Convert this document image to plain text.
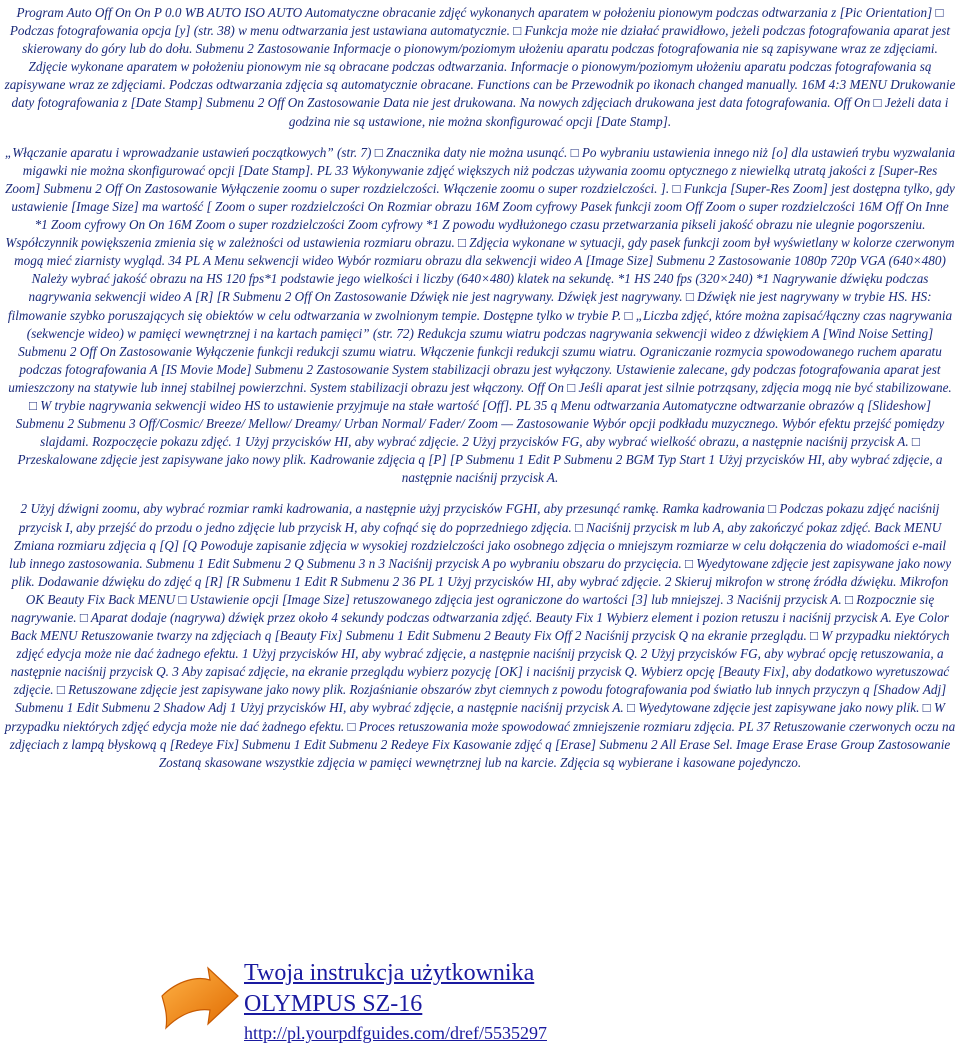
Program Auto Off On On P 0.0 WB AUTO ISO AUTO Automatyczne obracanie zdjęć wykonanych aparatem w położeniu pionowym podczas odtwarzania z [Pic Orientation] □ Podczas fotografowania opcja [y] (str. 38) w menu odtwarzania jest ustawiana automatycznie. □ Funkcja może nie działać prawidłowo, jeżeli podczas fotografowania aparat jest skierowany do góry lub do dołu. Submenu 2 Zastosowanie Informacje o pionowym/poziomym ułożeniu aparatu podczas fotografowania nie są zapisywane wraz ze zdjęciami. Zdjęcie wykonane aparatem w położeniu pionowym nie są obracane podczas odtwarzania. Informacje o pionowym/poziomym ułożeniu aparatu podczas fotografowania są zapisywane wraz ze zdjęciami. Podczas odtwarzania zdjęcia są automatycznie obracane. Functions can be Przewodnik po ikonach changed manually. 16M 4:3 MENU Drukowanie daty fotografowania z [Date Stamp] Submenu 2 Off On Zastosowanie Data nie jest drukowana. Na nowych zdjęciach drukowana jest data fotografowania. Off On □ Jeżeli data i godzina nie są ustawione, nie można skonfigurować opcji [Date Stamp].

„Włączanie aparatu i wprowadzanie ustawień początkowych” (str. 7) □ Znacznika daty nie można usunąć. □ Po wybraniu ustawienia innego niż [o] dla ustawień trybu wyzwalania migawki nie można skonfigurować opcji [Date Stamp]. PL 33 Wykonywanie zdjęć większych niż podczas używania zoomu optycznego z niewielką utratą jakości z [Super-Res Zoom] Submenu 2 Off On Zastosowanie Wyłączenie zoomu o super rozdzielczości. Włączenie zoomu o super rozdzielczości. ]. □ Funkcja [Super-Res Zoom] jest dostępna tylko, gdy ustawienie [Image Size] ma wartość [ Zoom o super rozdzielczości On Rozmiar obrazu 16M Zoom cyfrowy Pasek funkcji zoom Off Zoom o super rozdzielczości 16M Off On Inne *1 Zoom cyfrowy On On 16M Zoom o super rozdzielczości Zoom cyfrowy *1 Z powodu wydłużonego czasu przetwarzania pikseli jakość obrazu nie ulegnie pogorszeniu. Współczynnik powiększenia zmienia się w zależności od ustawienia rozmiaru obrazu. □ Zdjęcia wykonane w sytuacji, gdy pasek funkcji zoom był wyświetlany w kolorze czerwonym mogą mieć ziarnisty wygląd. 34 PL A Menu sekwencji wideo Wybór rozmiaru obrazu dla sekwencji wideo A [Image Size] Submenu 2 Zastosowanie 1080p 720p VGA (640×480) Należy wybrać jakość obrazu na HS 120 fps*1 podstawie jego wielkości i liczby (640×480) klatek na sekundę. *1 HS 240 fps (320×240) *1 Nagrywanie dźwięku podczas nagrywania sekwencji wideo A [R] [R Submenu 2 Off On Zastosowanie Dźwięk nie jest nagrywany. Dźwięk jest nagrywany. □ Dźwięk nie jest nagrywany w trybie HS. HS: filmowanie szybko poruszających się obiektów w celu odtwarzania w zwolnionym tempie. Dostępne tylko w trybie P. □ „Liczba zdjęć, które można zapisać/łączny czas nagrywania (sekwencje wideo) w pamięci wewnętrznej i na kartach pamięci” (str. 72) Redukcja szumu wiatru podczas nagrywania sekwencji wideo z dźwiękiem A [Wind Noise Setting] Submenu 2 Off On Zastosowanie Wyłączenie funkcji redukcji szumu wiatru. Włączenie funkcji redukcji szumu wiatru. Ograniczanie rozmycia spowodowanego ruchem aparatu podczas fotografowania A [IS Movie Mode] Submenu 2 Zastosowanie System stabilizacji obrazu jest wyłączony. Ustawienie zalecane, gdy podczas fotografowania aparat jest umieszczony na statywie lub innej stabilnej powierzchni. System stabilizacji obrazu jest włączony. Off On □ Jeśli aparat jest silnie potrząsany, zdjęcia mogą nie być stabilizowane. □ W trybie nagrywania sekwencji wideo HS to ustawienie przyjmuje na stałe wartość [Off]. PL 35 q Menu odtwarzania Automatyczne odtwarzanie obrazów q [Slideshow] Submenu 2 Submenu 3 Off/Cosmic/ Breeze/ Mellow/ Dreamy/ Urban Normal/ Fader/ Zoom — Zastosowanie Wybór opcji podkładu muzycznego. Wybór efektu przejść pomiędzy slajdami. Rozpoczęcie pokazu zdjęć. 1 Użyj przycisków HI, aby wybrać zdjęcie. 2 Użyj przycisków FG, aby wybrać wielkość obrazu, a następnie naciśnij przycisk A. □ Przeskalowane zdjęcie jest zapisywane jako nowy plik. Kadrowanie zdjęcia q [P] [P Submenu 1 Edit P Submenu 2 BGM Typ Start 1 Użyj przycisków HI, aby wybrać zdjęcie, a następnie naciśnij przycisk A.

2 Użyj dźwigni zoomu, aby wybrać rozmiar ramki kadrowania, a następnie użyj przycisków FGHI, aby przesunąć ramkę. Ramka kadrowania □ Podczas pokazu zdjęć naciśnij przycisk I, aby przejść do przodu o jedno zdjęcie lub przycisk H, aby cofnąć się do poprzedniego zdjęcia. □ Naciśnij przycisk m lub A, aby zakończyć pokaz zdjęć. Back MENU Zmiana rozmiaru zdjęcia q [Q] [Q Powoduje zapisanie zdjęcia w wysokiej rozdzielczości jako osobnego zdjęcia o mniejszym rozmiarze w celu dołączenia do wiadomości e-mail lub innego zastosowania. Submenu 1 Edit Submenu 2 Q Submenu 3 n 3 Naciśnij przycisk A po wybraniu obszaru do przycięcia. □ Wyedytowane zdjęcie jest zapisywane jako nowy plik. Dodawanie dźwięku do zdjęć q [R] [R Submenu 1 Edit R Submenu 2 36 PL 1 Użyj przycisków HI, aby wybrać zdjęcie. 2 Skieruj mikrofon w stronę źródła dźwięku. Mikrofon OK Beauty Fix Back MENU □ Ustawienie opcji [Image Size] retuszowanego zdjęcia jest ograniczone do wartości [3] lub mniejszej. 3 Naciśnij przycisk A. □ Rozpocznie się nagrywanie. □ Aparat dodaje (nagrywa) dźwięk przez około 4 sekundy podczas odtwarzania zdjęć. Beauty Fix 1 Wybierz element i pozion retuszu i naciśnij przycisk A. Eye Color Back MENU Retuszowanie twarzy na zdjęciach q [Beauty Fix] Submenu 1 Edit Submenu 2 Beauty Fix Off 2 Naciśnij przycisk Q na ekranie przeglądu. □ W przypadku niektórych zdjęć edycja może nie dać żadnego efektu. 1 Użyj przycisków HI, aby wybrać zdjęcie, a następnie naciśnij przycisk Q. 2 Użyj przycisków FG, aby wybrać opcję retuszowania, a następnie naciśnij przycisk Q. 3 Aby zapisać zdjęcie, na ekranie przeglądu wybierz pozycję [OK] i naciśnij przycisk Q. Wybierz opcję [Beauty Fix], aby dodatkowo wyretuszować zdjęcie. □ Retuszowane zdjęcie jest zapisywane jako nowy plik. Rozjaśnianie obszarów zbyt ciemnych z powodu fotografowania pod światło lub innych przyczyn q [Shadow Adj] Submenu 1 Edit Submenu 2 Shadow Adj 1 Użyj przycisków HI, aby wybrać zdjęcie, a następnie naciśnij przycisk A. □ Wyedytowane zdjęcie jest zapisywane jako nowy plik. □ W przypadku niektórych zdjęć edycja może nie dać żadnego efektu. □ Proces retuszowania może spowodować zmniejszenie rozmiaru zdjęcia. PL 37 Retuszowanie czerwonych oczu na zdjęciach z lampą błyskową q [Redeye Fix] Submenu 1 Edit Submenu 2 Redeye Fix Kasowanie zdjęć q [Erase] Submenu 2 All Erase Sel. Image Erase Erase Group Zastosowanie Zostaną skasowane wszystkie zdjęcia w pamięci wewnętrznej lub na karcie. Zdjęcia są wybierane i kasowane pojedynczo.

Twoja instrukcja użytkownika
OLYMPUS SZ-16
http://pl.yourpdfguides.com/dref/5535297
